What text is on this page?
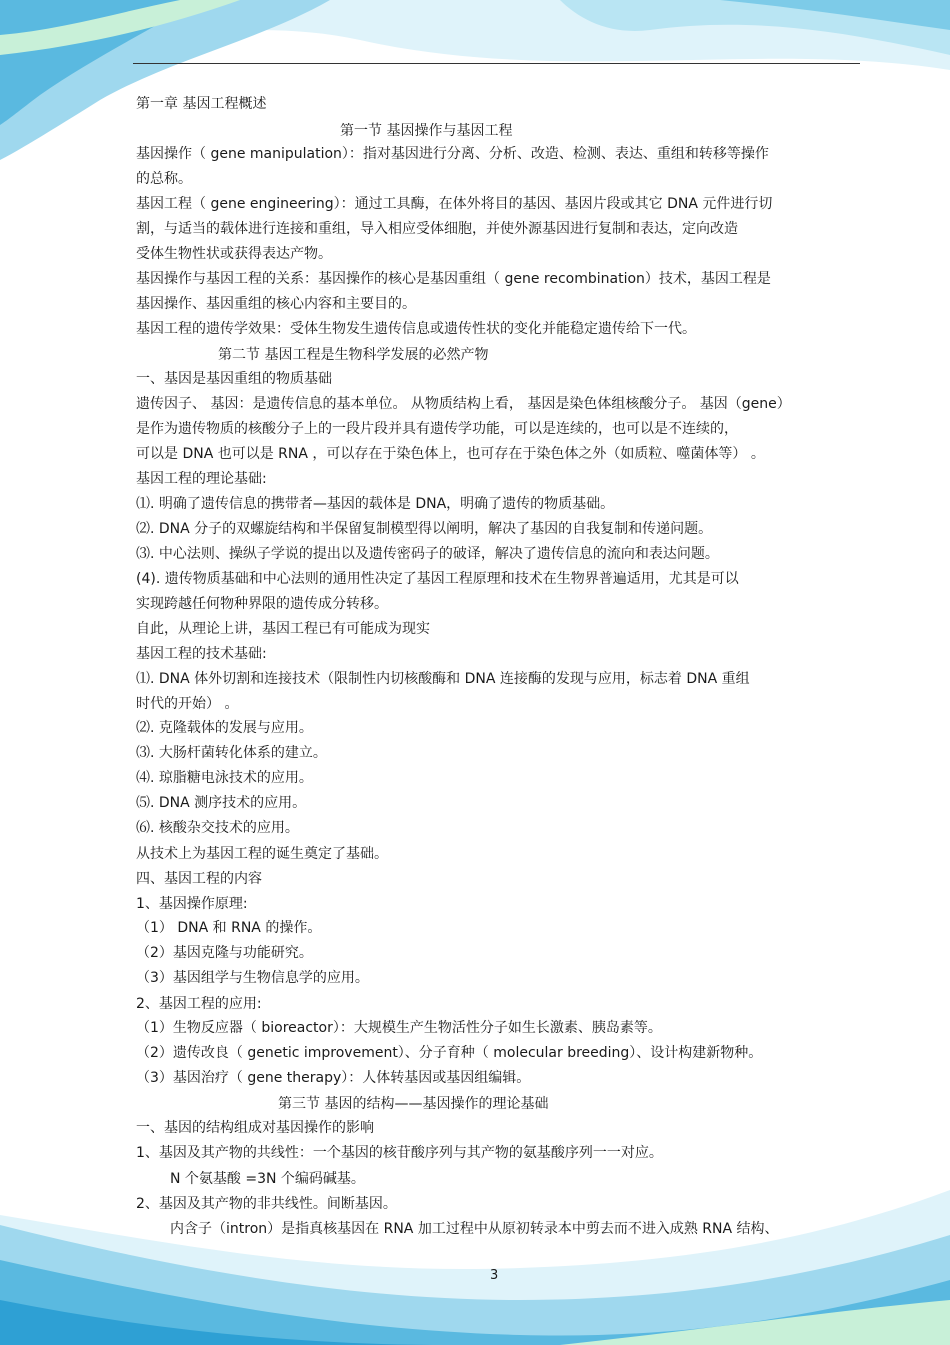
第一章 基因工程概述

第一节 基因操作与基因工程

基因操作（ gene manipulation）：指对基因进行分离、分析、改造、检测、表达、重组和转移等操作

的总称。

基因工程（ gene engineering）：通过工具酶，在体外将目的基因、基因片段或其它 DNA 元件进行切

割，与适当的载体进行连接和重组，导入相应受体细胞，并使外源基因进行复制和表达，定向改造

受体生物性状或获得表达产物。

基因操作与基因工程的关系：基因操作的核心是基因重组（ gene recombination）技术，基因工程是

基因操作、基因重组的核心内容和主要目的。

基因工程的遗传学效果：受体生物发生遗传信息或遗传性状的变化并能稳定遗传给下一代。

第二节 基因工程是生物科学发展的必然产物

一、基因是基因重组的物质基础

遗传因子、 基因：是遗传信息的基本单位。 从物质结构上看， 基因是染色体组核酸分子。 基因（gene）

是作为遗传物质的核酸分子上的一段片段并具有遗传学功能，可以是连续的，也可以是不连续的，

可以是 DNA 也可以是 RNA ，可以存在于染色体上，也可存在于染色体之外（如质粒、噬菌体等） 。

基因工程的理论基础:

⑴. 明确了遗传信息的携带者—基因的载体是 DNA，明确了遗传的物质基础。

⑵. DNA 分子的双螺旋结构和半保留复制模型得以阐明，解决了基因的自我复制和传递问题。

⑶. 中心法则、操纵子学说的提出以及遗传密码子的破译，解决了遗传信息的流向和表达问题。

(4). 遗传物质基础和中心法则的通用性决定了基因工程原理和技术在生物界普遍适用，尤其是可以

实现跨越任何物种界限的遗传成分转移。

自此，从理论上讲，基因工程已有可能成为现实

基因工程的技术基础:

⑴. DNA 体外切割和连接技术（限制性内切核酸酶和 DNA 连接酶的发现与应用，标志着 DNA 重组

时代的开始） 。

⑵. 克隆载体的发展与应用。

⑶. 大肠杆菌转化体系的建立。

⑷. 琼脂糖电泳技术的应用。

⑸. DNA 测序技术的应用。

⑹. 核酸杂交技术的应用。

从技术上为基因工程的诞生奠定了基础。

四、基因工程的内容

1、基因操作原理:

（1） DNA 和 RNA 的操作。

（2）基因克隆与功能研究。

（3）基因组学与生物信息学的应用。

2、基因工程的应用:

（1）生物反应器（ bioreactor）：大规模生产生物活性分子如生长激素、胰岛素等。

（2）遗传改良（ genetic improvement）、分子育种（ molecular breeding）、设计构建新物种。

（3）基因治疗（ gene therapy）：人体转基因或基因组编辑。

第三节 基因的结构——基因操作的理论基础

一、基因的结构组成对基因操作的影响

1、基因及其产物的共线性：一个基因的核苷酸序列与其产物的氨基酸序列一一对应。

N 个氨基酸 =3N 个编码碱基。

2、基因及其产物的非共线性。间断基因。

内含子（intron）是指真核基因在 RNA 加工过程中从原初转录本中剪去而不进入成熟 RNA 结构、

3
